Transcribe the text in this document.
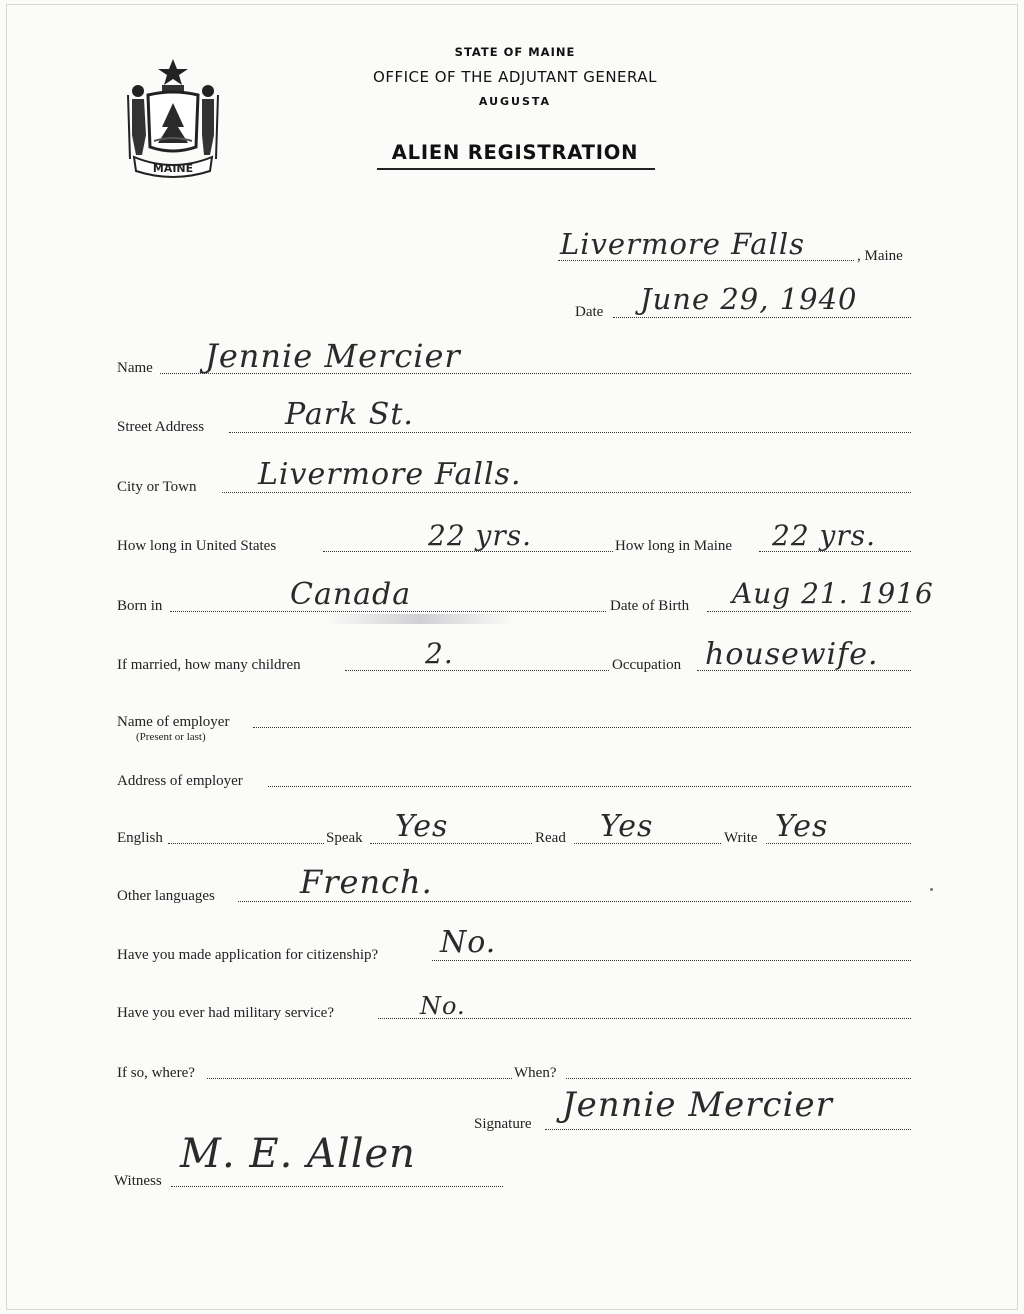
MAINE
STATE OF MAINE
OFFICE OF THE ADJUTANT GENERAL
AUGUSTA
ALIEN REGISTRATION
Livermore Falls	, Maine
Date June 29, 1940
Name Jennie Mercier
Street Address	Park St.
City or Town Livermore Falls.
How long in United States	22 yrs.	How long in Maine 22 yrs.
Born in	Canada	Date of Birth Aug 21. 1916
If married, how many children	2.	Occupation housewife.
Name of employer
(Present or last)
Address of employer
English	Speak Yes	Read Yes	Write Yes
Other languages	French.
Have you made application for citizenship? No.
Have you ever had military service?	No.
If so, where?	When?
Signature Jennie Mercier
Witness
M. E. Allen
